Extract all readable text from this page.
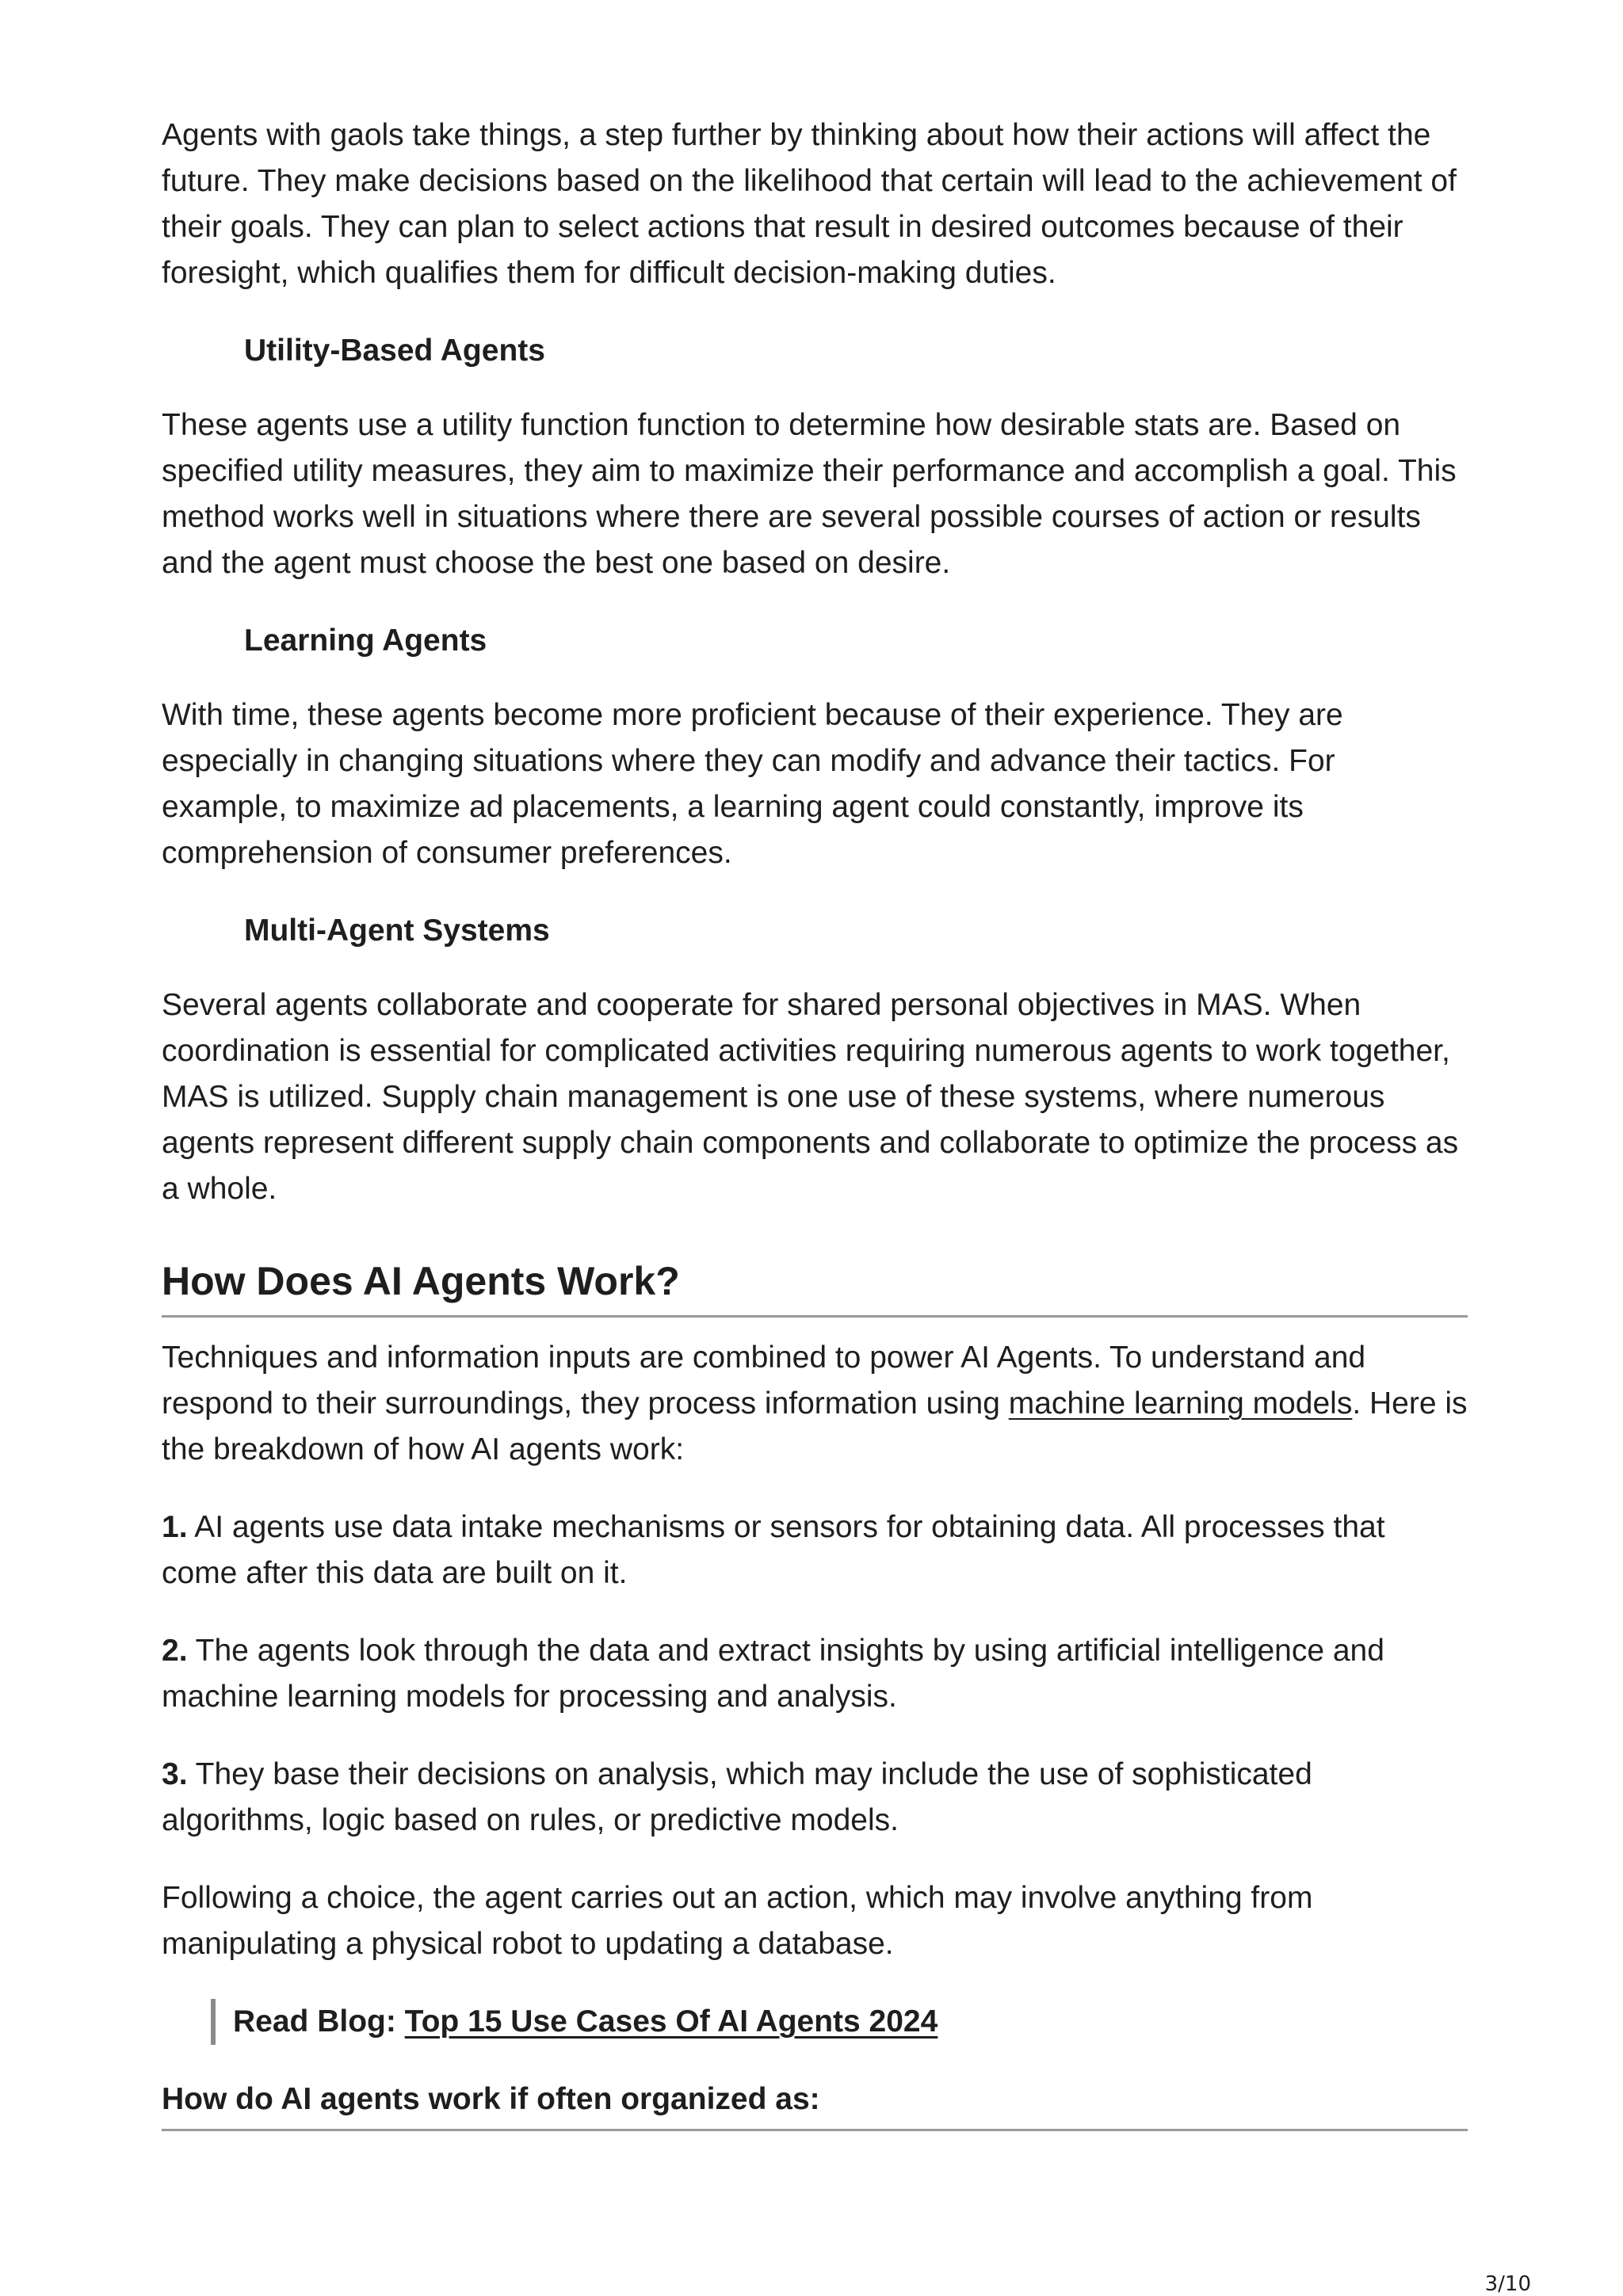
Agents with gaols take things, a step further by thinking about how their actions will affect the future. They make decisions based on the likelihood that certain will lead to the achievement of their goals. They can plan to select actions that result in desired outcomes because of their foresight, which qualifies them for difficult decision-making duties.

Utility-Based Agents

These agents use a utility function function to determine how desirable stats are. Based on specified utility measures, they aim to maximize their performance and accomplish a goal. This method works well in situations where there are several possible courses of action or results and the agent must choose the best one based on desire.

Learning Agents

With time, these agents become more proficient because of their experience. They are especially in changing situations where they can modify and advance their tactics. For example, to maximize ad placements, a learning agent could constantly, improve its comprehension of consumer preferences.

Multi-Agent Systems

Several agents collaborate and cooperate for shared personal objectives in MAS. When coordination is essential for complicated activities requiring numerous agents to work together, MAS is utilized. Supply chain management is one use of these systems, where numerous agents represent different supply chain components and collaborate to optimize the process as a whole.

How Does AI Agents Work?

Techniques and information inputs are combined to power AI Agents. To understand and respond to their surroundings, they process information using machine learning models. Here is the breakdown of how AI agents work:

1. AI agents use data intake mechanisms or sensors for obtaining data. All processes that come after this data are built on it.

2. The agents look through the data and extract insights by using artificial intelligence and machine learning models for processing and analysis.

3. They base their decisions on analysis, which may include the use of sophisticated algorithms, logic based on rules, or predictive models.

Following a choice, the agent carries out an action, which may involve anything from manipulating a physical robot to updating a database.

Read Blog: Top 15 Use Cases Of AI Agents 2024
How do AI agents work if often organized as:
3/10
